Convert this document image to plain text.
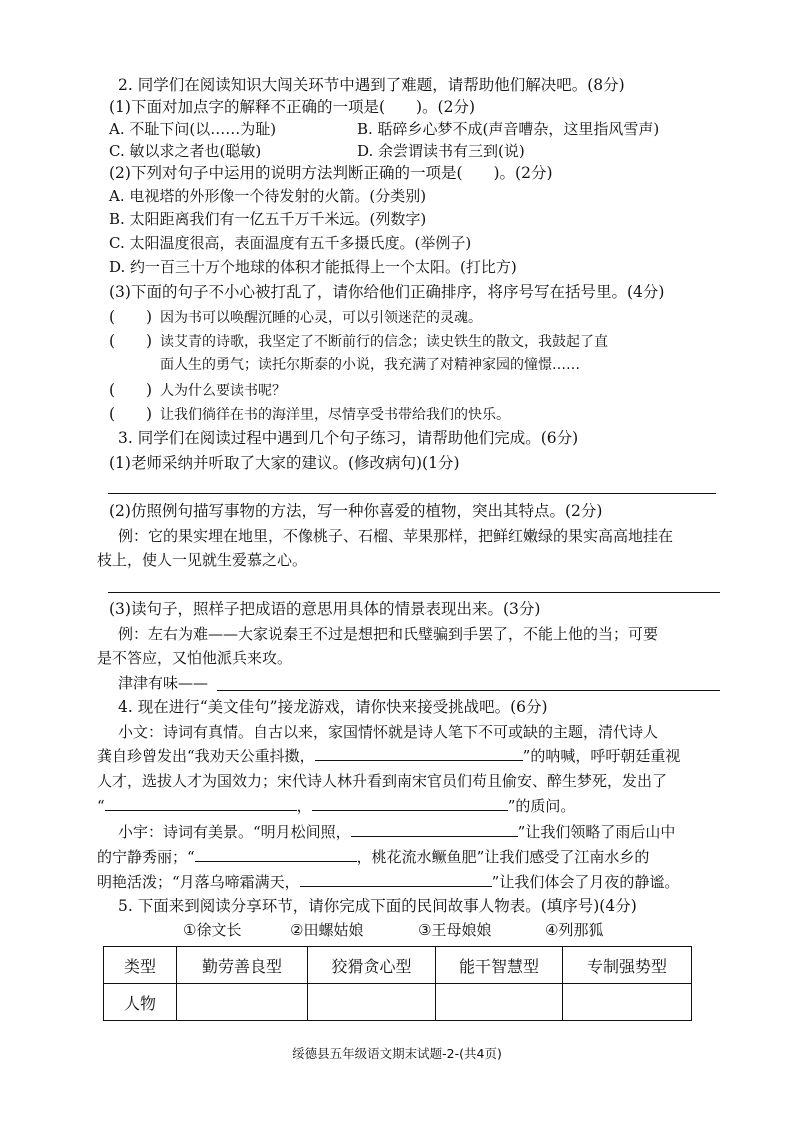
2. 同学们在阅读知识大闯关环节中遇到了难题，请帮助他们解决吧。(8分)
(1)下面对加点字的解释不正确的一项是(　　)。(2分)
A. 不耻下问(以……为耻)	B. 聒碎乡心梦不成(声音嘈杂，这里指风雪声)
C. 敏以求之者也(聪敏)	D. 余尝谓读书有三到(说)
(2)下列对句子中运用的说明方法判断正确的一项是(　　)。(2分)
A. 电视塔的外形像一个待发射的火箭。(分类别)
B. 太阳距离我们有一亿五千万千米远。(列数字)
C. 太阳温度很高，表面温度有五千多摄氏度。(举例子)
D. 约一百三十万个地球的体积才能抵得上一个太阳。(打比方)
(3)下面的句子不小心被打乱了，请你给他们正确排序，将序号写在括号里。(4分)
(　　) 因为书可以唤醒沉睡的心灵，可以引领迷茫的灵魂。
(　　) 读艾青的诗歌，我坚定了不断前行的信念；读史铁生的散文，我鼓起了直
面人生的勇气；读托尔斯泰的小说，我充满了对精神家园的憧憬……
(　　) 人为什么要读书呢？
(　　) 让我们徜徉在书的海洋里，尽情享受书带给我们的快乐。
3. 同学们在阅读过程中遇到几个句子练习，请帮助他们完成。(6分)
(1)老师采纳并听取了大家的建议。(修改病句)(1分)
(2)仿照例句描写事物的方法，写一种你喜爱的植物，突出其特点。(2分)
例：它的果实埋在地里，不像桃子、石榴、苹果那样，把鲜红嫩绿的果实高高地挂在
枝上，使人一见就生爱慕之心。
(3)读句子，照样子把成语的意思用具体的情景表现出来。(3分)
例：左右为难——大家说秦王不过是想把和氏璧骗到手罢了，不能上他的当；可要
是不答应，又怕他派兵来攻。
津津有味——
4. 现在进行“美文佳句”接龙游戏，请你快来接受挑战吧。(6分)
小文：诗词有真情。自古以来，家国情怀就是诗人笔下不可或缺的主题，清代诗人
龚自珍曾发出“我劝天公重抖擞，	”的呐喊，呼吁朝廷重视
人才，选拔人才为国效力；宋代诗人林升看到南宋官员们苟且偷安、醉生梦死，发出了
“	，	”的质问。
小宇：诗词有美景。“明月松间照，	”让我们领略了雨后山中
的宁静秀丽；“	，桃花流水鳜鱼肥”让我们感受了江南水乡的
明艳活泼；“月落乌啼霜满天，	”让我们体会了月夜的静谧。
5. 下面来到阅读分享环节，请你完成下面的民间故事人物表。(填序号)(4分)
①徐文长	②田螺姑娘	③王母娘娘	④列那狐
类型	勤劳善良型	狡猾贪心型	能干智慧型	专制强势型
人物				
绥德县五年级语文期末试题-2-(共4页)
